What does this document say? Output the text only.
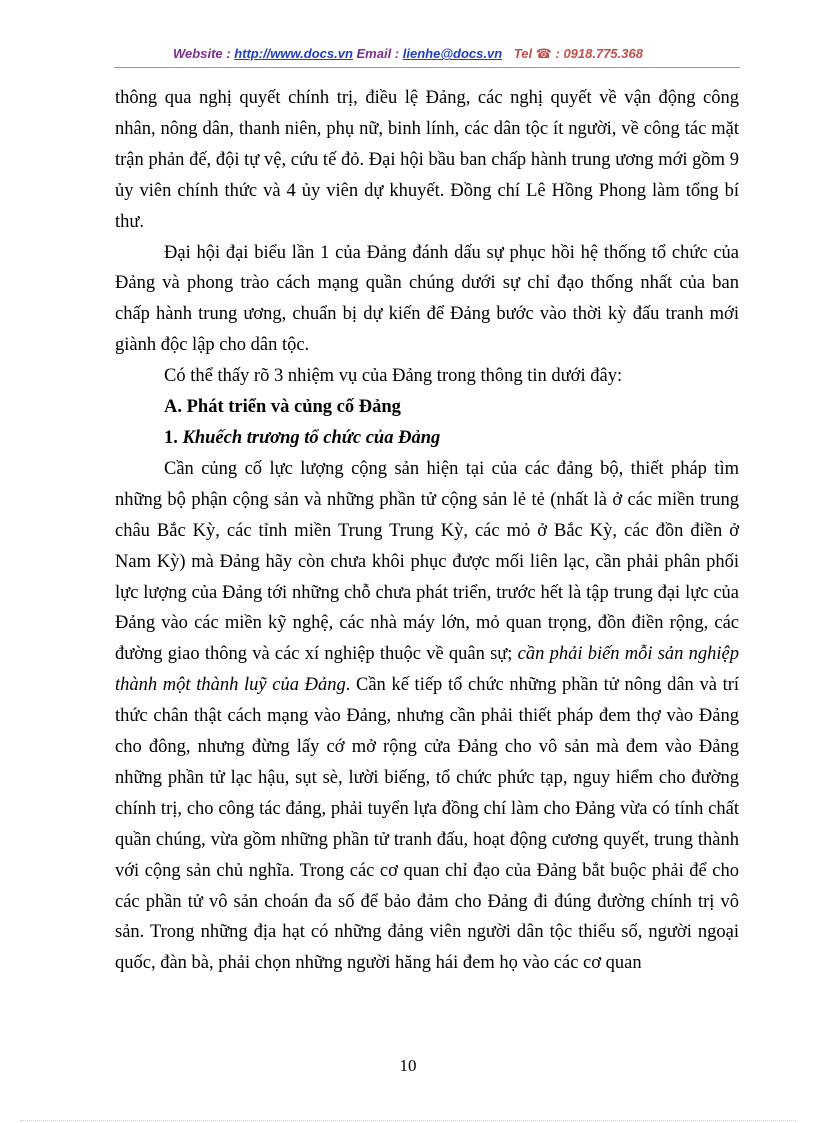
Website : http://www.docs.vn Email : lienhe@docs.vn Tel ☎ : 0918.775.368

thông qua nghị quyết chính trị, điều lệ Đảng, các nghị quyết về vận động công nhân, nông dân, thanh niên, phụ nữ, binh lính, các dân tộc ít người, về công tác mặt trận phản đế, đội tự vệ, cứu tế đỏ. Đại hội bầu ban chấp hành trung ương mới gồm 9 ủy viên chính thức và 4 ủy viên dự khuyết. Đồng chí Lê Hồng Phong làm tổng bí thư.

Đại hội đại biểu lần 1 của Đảng đánh dấu sự phục hồi hệ thống tổ chức của Đảng và phong trào cách mạng quần chúng dưới sự chỉ đạo thống nhất của ban chấp hành trung ương, chuẩn bị dự kiến để Đảng bước vào thời kỳ đấu tranh mới giành độc lập cho dân tộc.

Có thể thấy rõ 3 nhiệm vụ của Đảng trong thông tin dưới đây:

A. Phát triển và củng cố Đảng

1. Khuếch trương tổ chức của Đảng

Cần củng cố lực lượng cộng sản hiện tại của các đảng bộ, thiết pháp tìm những bộ phận cộng sản và những phần tử cộng sản lẻ tẻ (nhất là ở các miền trung châu Bắc Kỳ, các tỉnh miền Trung Trung Kỳ, các mỏ ở Bắc Kỳ, các đồn điền ở Nam Kỳ) mà Đảng hãy còn chưa khôi phục được mối liên lạc, cần phải phân phối lực lượng của Đảng tới những chỗ chưa phát triển, trước hết là tập trung đại lực của Đảng vào các miền kỹ nghệ, các nhà máy lớn, mỏ quan trọng, đồn điền rộng, các đường giao thông và các xí nghiệp thuộc về quân sự; cần phải biến mỗi sản nghiệp thành một thành luỹ của Đảng. Cần kế tiếp tổ chức những phần tử nông dân và trí thức chân thật cách mạng vào Đảng, nhưng cần phải thiết pháp đem thợ vào Đảng cho đông, nhưng đừng lấy cớ mở rộng cửa Đảng cho vô sản mà đem vào Đảng những phần tử lạc hậu, sụt sè, lười biếng, tổ chức phức tạp, nguy hiểm cho đường chính trị, cho công tác đảng, phải tuyển lựa đồng chí làm cho Đảng vừa có tính chất quần chúng, vừa gồm những phần tử tranh đấu, hoạt động cương quyết, trung thành với cộng sản chủ nghĩa. Trong các cơ quan chỉ đạo của Đảng bắt buộc phải để cho các phần tử vô sản choán đa số để bảo đảm cho Đảng đi đúng đường chính trị vô sản. Trong những địa hạt có những đảng viên người dân tộc thiểu số, người ngoại quốc, đàn bà, phải chọn những người hăng hái đem họ vào các cơ quan

10
